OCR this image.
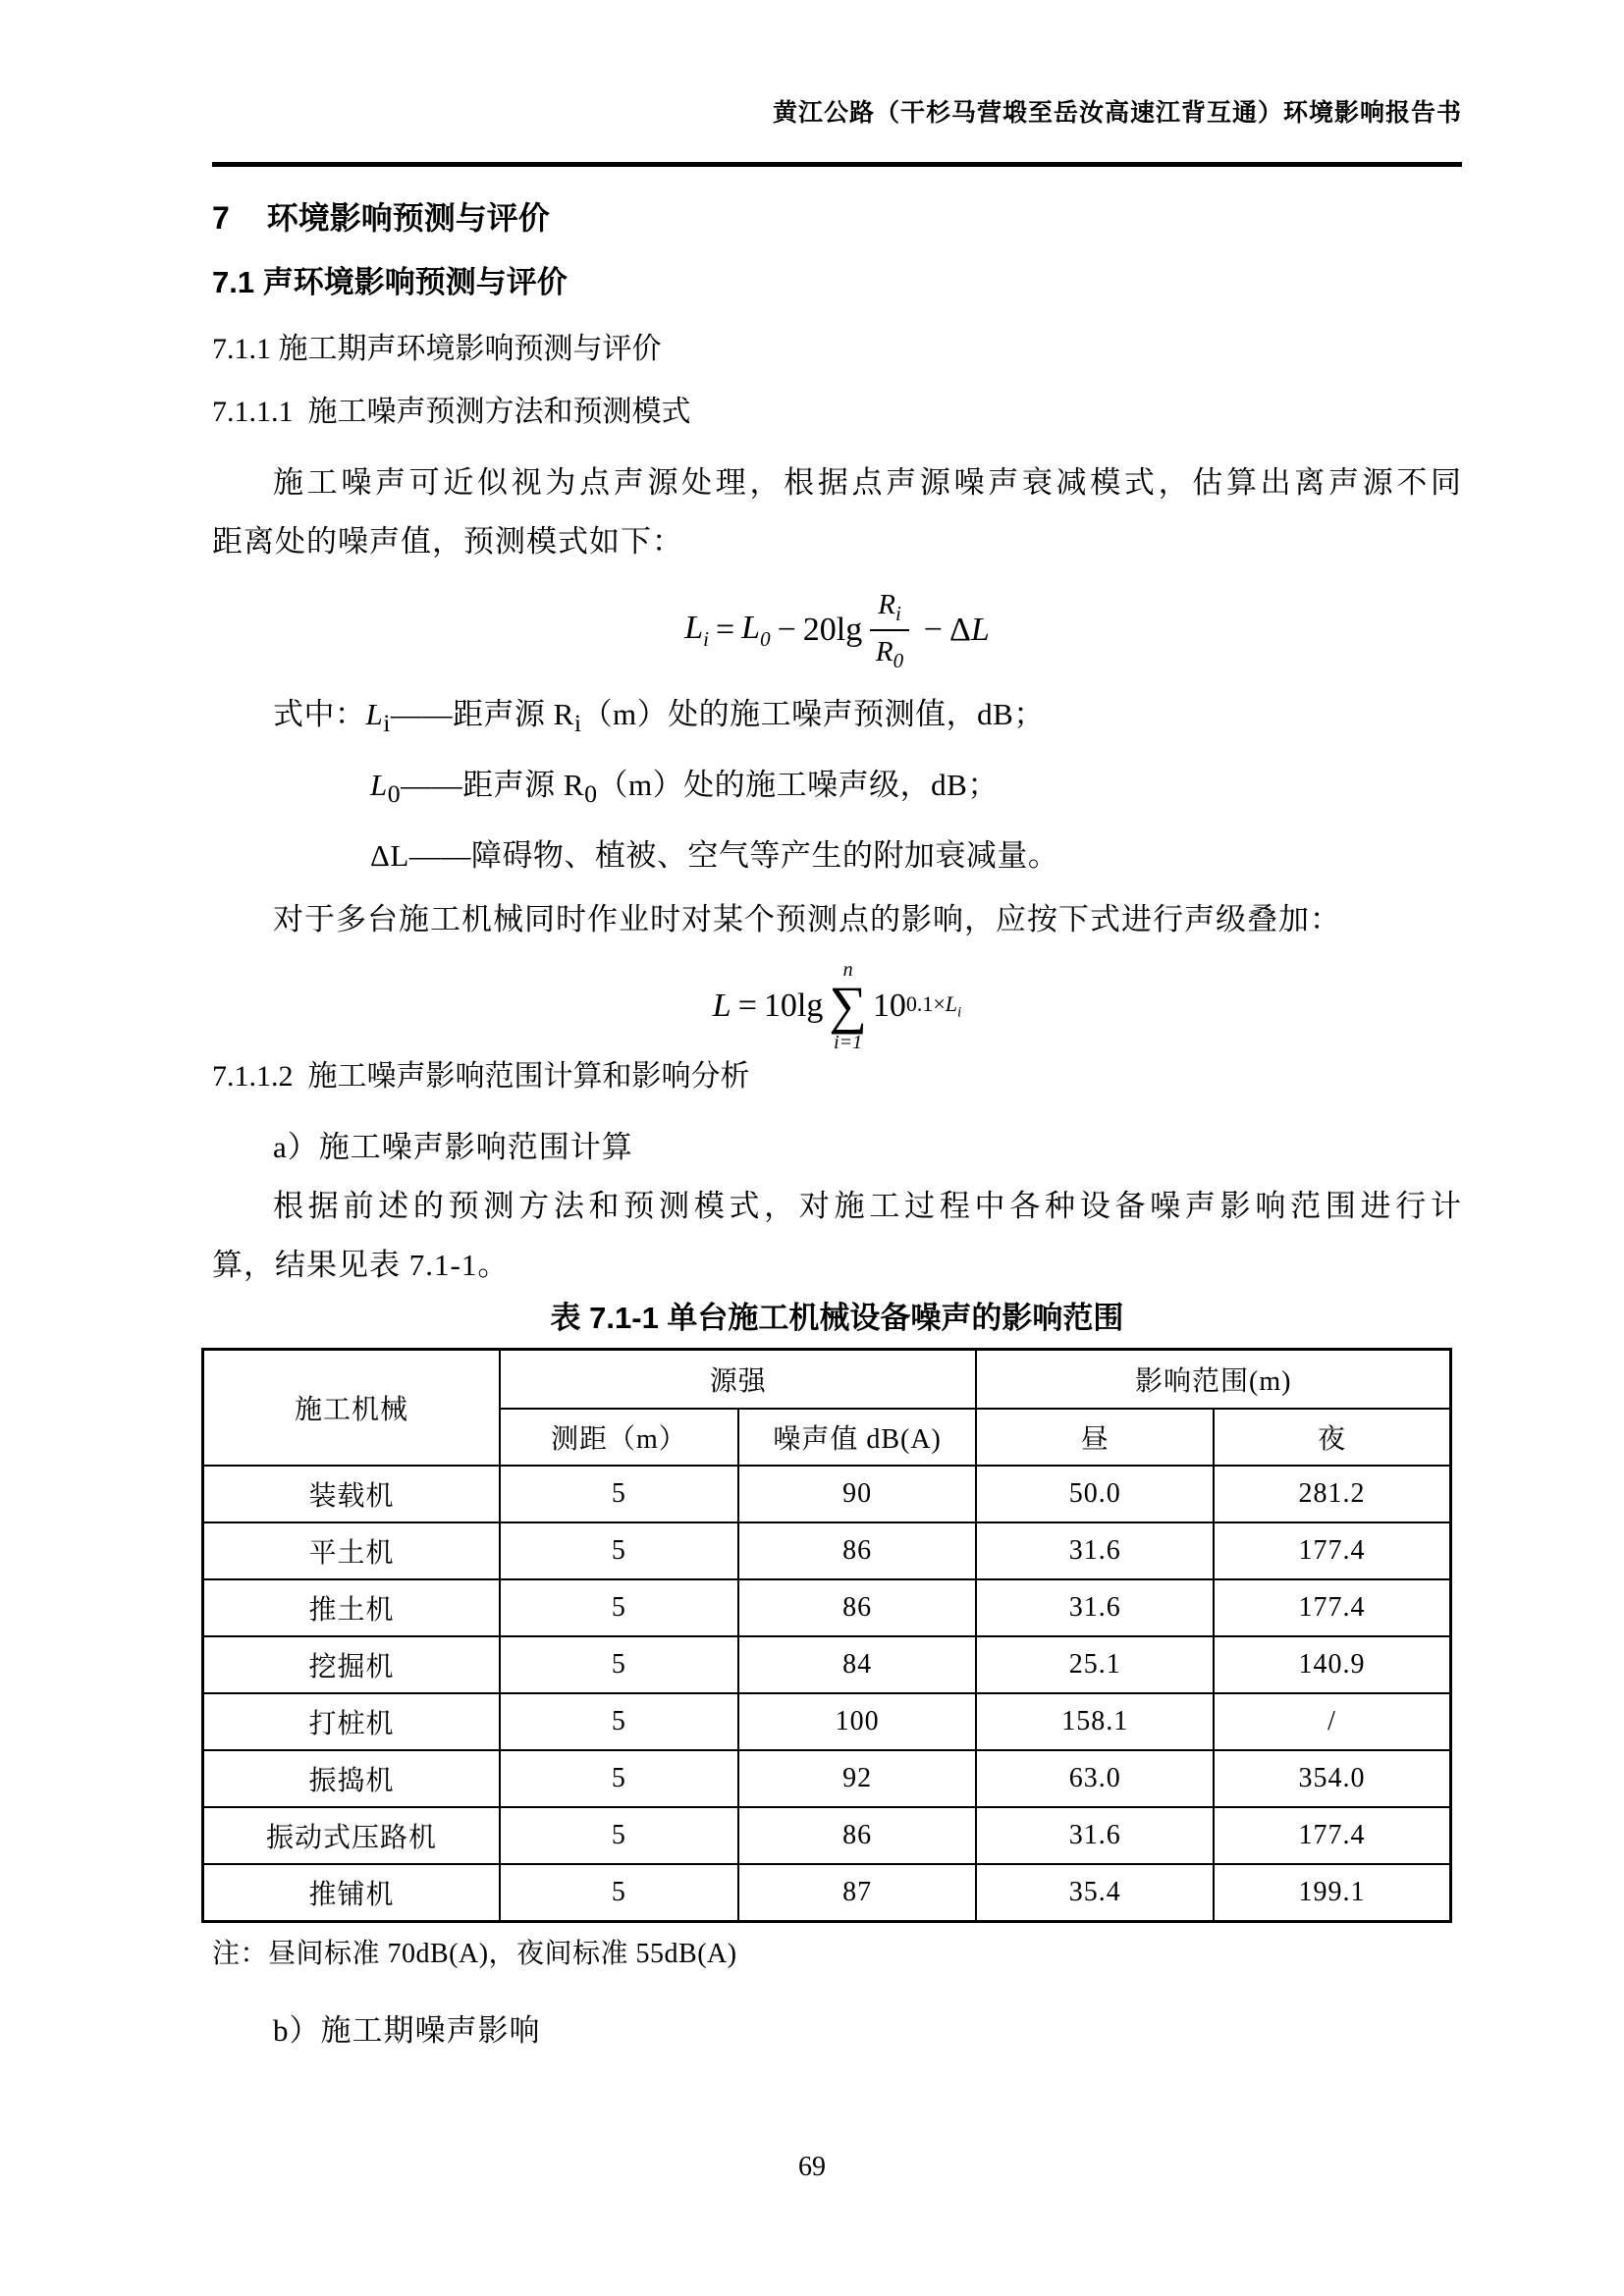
黄江公路（干杉马营塅至岳汝高速江背互通）环境影响报告书
7 环境影响预测与评价
7.1 声环境影响预测与评价
7.1.1 施工期声环境影响预测与评价
7.1.1.1  施工噪声预测方法和预测模式
施工噪声可近似视为点声源处理，根据点声源噪声衰减模式，估算出离声源不同
距离处的噪声值，预测模式如下：
$L_i = L_0 - 20\lg \frac{R_i}{R_0} - \Delta L$
式中：$L_i——$距声源 $R_i(m)$处的施工噪声预测值，dB；
$L_0——$距声源 $R_0(m)$处的施工噪声级，dB；
ΔL——障碍物、植被、空气等产生的附加衰减量。
对于多台施工机械同时作业时对某个预测点的影响，应按下式进行声级叠加：
L = 10lg
n
∑
i=1
10 $0.1\times L_i$
7.1.1.2  施工噪声影响范围计算和影响分析
a）施工噪声影响范围计算
根据前述的预测方法和预测模式，对施工过程中各种设备噪声影响范围进行计
算，结果见表 7.1-1。
表 7.1-1 单台施工机械设备噪声的影响范围
施工机械	源强		影响范围(m)	
	测距（m）	噪声值 dB(A)	昼	夜
装载机	5	90	50.0	281.2
平土机	5	86	31.6	177.4
推土机	5	86	31.6	177.4
挖掘机	5	84	25.1	140.9
打桩机	5	100	158.1	/
振捣机	5	92	63.0	354.0
振动式压路机	5	86	31.6	177.4
推铺机	5	87	35.4	199.1
注：昼间标准 70dB(A)，夜间标准 55dB(A)
b）施工期噪声影响
69
